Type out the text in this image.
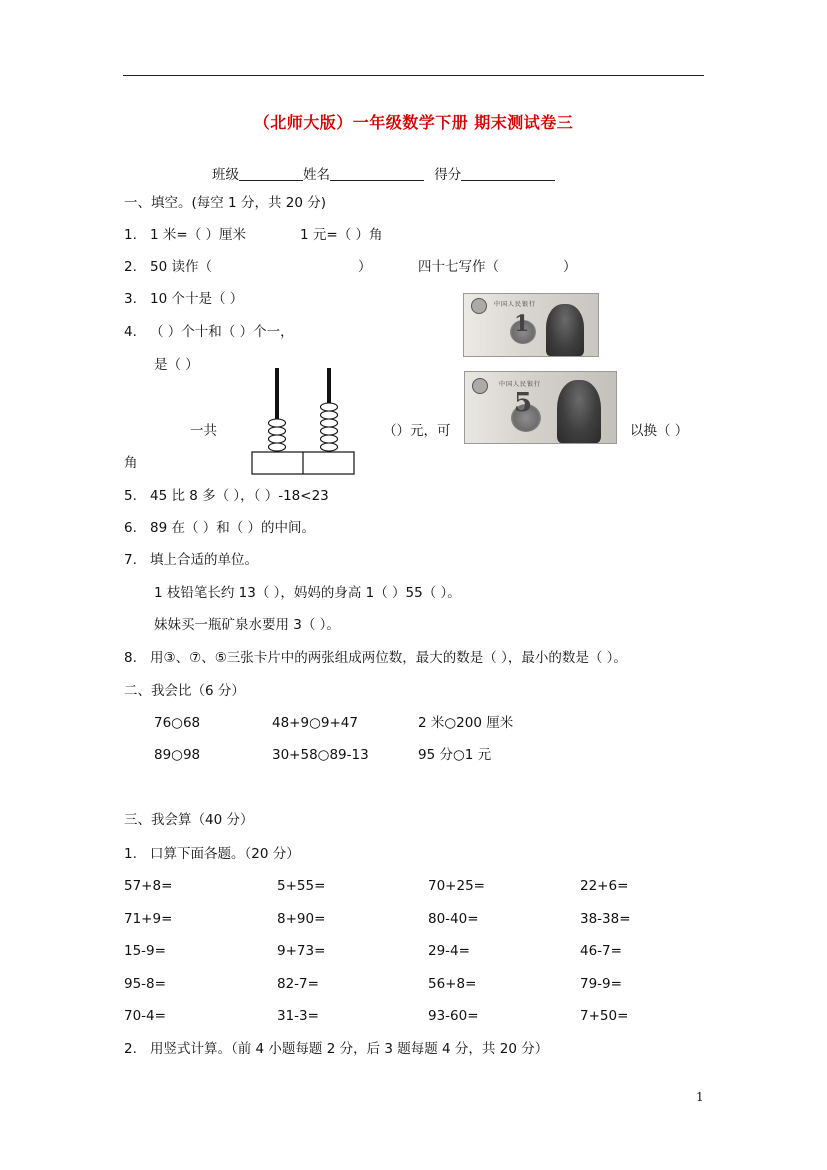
（北师大版）一年级数学下册 期末测试卷三
班级	姓名	得分
一、填空。(每空 1 分，共 20 分)
1. 1 米=（ ）厘米	1 元=（ ）角
2. 50 读作（	）	四十七写作（	）
3. 10 个十是（ ）
4. （ ）个十和（ ）个一，
是（ ）
一共	（）元，可	以换（ ）
角
中国人民银行
1
中国人民银行
5
5. 45 比 8 多（ ），（ ）-18<23
6. 89 在（ ）和（ ）的中间。
7. 填上合适的单位。
1 枝铅笔长约 13（ ），妈妈的身高 1（ ）55（ ）。
妹妹买一瓶矿泉水要用 3（ ）。
8. 用③、⑦、⑤三张卡片中的两张组成两位数，最大的数是（ ），最小的数是（ ）。
二、我会比（6 分）
76○68	48+9○9+47	2 米○200 厘米
89○98	30+58○89-13	95 分○1 元
三、我会算（40 分）
1. 口算下面各题。（20 分）
57+8=	5+55=	70+25=	22+6=
71+9=	8+90=	80-40=	38-38=
15-9=	9+73=	29-4=	46-7=
95-8=	82-7=	56+8=	79-9=
70-4=	31-3=	93-60=	7+50=
2. 用竖式计算。（前 4 小题每题 2 分，后 3 题每题 4 分，共 20 分）
1
